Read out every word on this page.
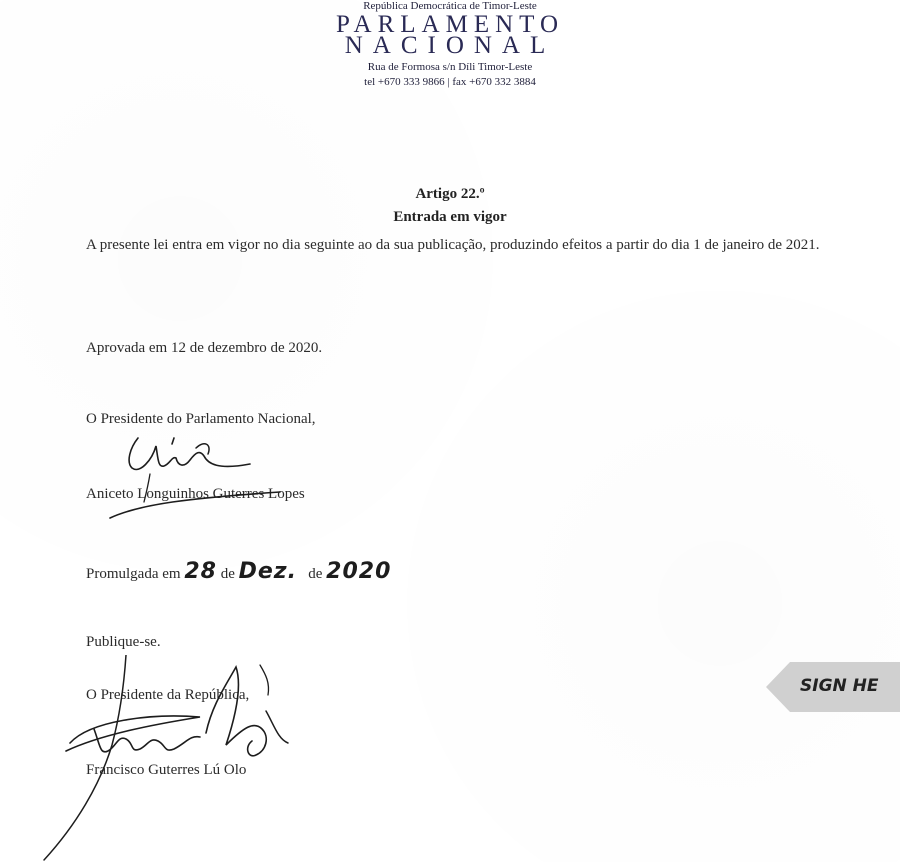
República Democrática de Timor-Leste
PARLAMENTO
NACIONAL
Rua de Formosa s/n Díli Timor-Leste
tel +670 333 9866 | fax +670 332 3884
Artigo 22.º
Entrada em vigor
A presente lei entra em vigor no dia seguinte ao da sua publicação, produzindo efeitos a partir do dia 1 de janeiro de 2021.
Aprovada em 12 de dezembro de 2020.
O Presidente do Parlamento Nacional,
Aniceto Longuinhos Guterres Lopes
Promulgada em 28 de Dez. de 2020
Publique-se.
O Presidente da República,
Francisco Guterres Lú Olo
SIGN HE
